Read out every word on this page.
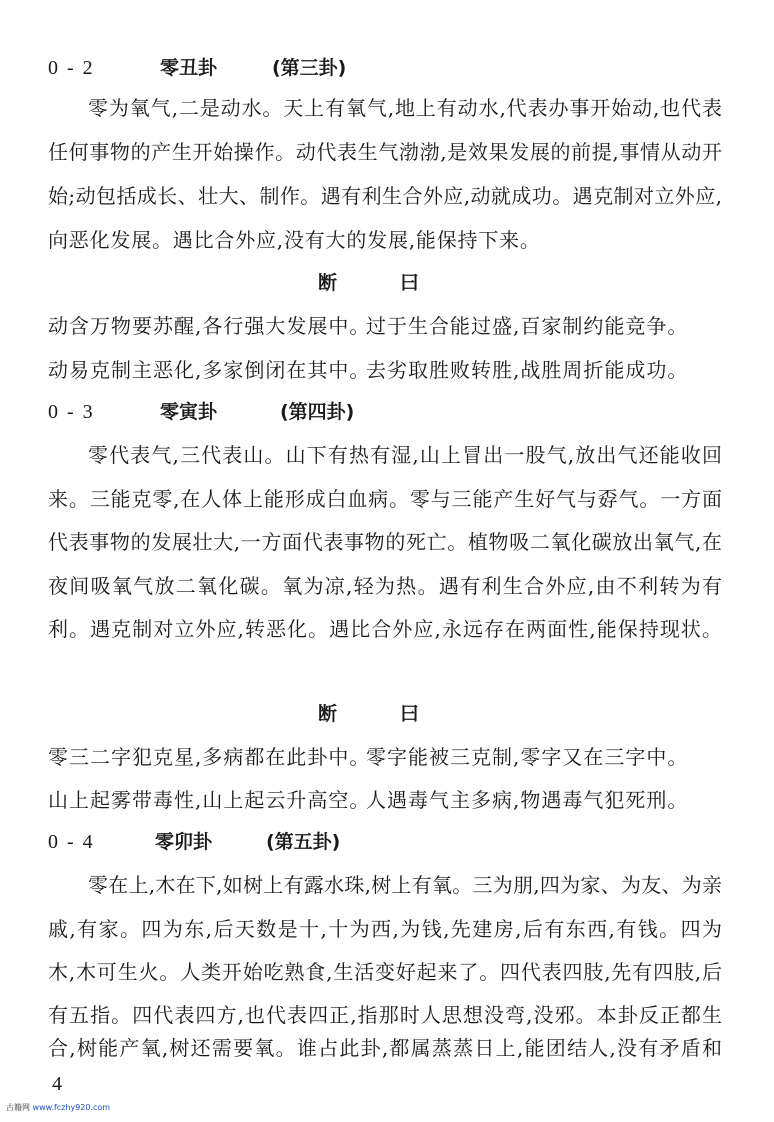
0 - 2	零丑卦	(第三卦)
零为氧气,二是动水。天上有氧气,地上有动水,代表办事开始动,也代表
任何事物的产生开始操作。动代表生气渤渤,是效果发展的前提,事情从动开
始;动包括成长、壮大、制作。遇有利生合外应,动就成功。遇克制对立外应,
向恶化发展。遇比合外应,没有大的发展,能保持下来。
断	曰
动含万物要苏醒,各行强大发展中。
过于生合能过盛,百家制约能竞争。
动易克制主恶化,多家倒闭在其中。
去劣取胜败转胜,战胜周折能成功。
0 - 3	零寅卦	(第四卦)
零代表气,三代表山。山下有热有湿,山上冒出一股气,放出气还能收回
来。三能克零,在人体上能形成白血病。零与三能产生好气与孬气。一方面
代表事物的发展壮大,一方面代表事物的死亡。植物吸二氧化碳放出氧气,在
夜间吸氧气放二氧化碳。氧为凉,轻为热。遇有利生合外应,由不利转为有
利。遇克制对立外应,转恶化。遇比合外应,永远存在两面性,能保持现状。
断	曰
零三二字犯克星,多病都在此卦中。
零字能被三克制,零字又在三字中。
山上起雾带毒性,山上起云升高空。
人遇毒气主多病,物遇毒气犯死刑。
0 - 4	零卯卦	(第五卦)
零在上,木在下,如树上有露水珠,树上有氧。三为朋,四为家、为友、为亲
戚,有家。四为东,后天数是十,十为西,为钱,先建房,后有东西,有钱。四为
木,木可生火。人类开始吃熟食,生活变好起来了。四代表四肢,先有四肢,后
有五指。四代表四方,也代表四正,指那时人思想没弯,没邪。本卦反正都生
合,树能产氧,树还需要氧。谁占此卦,都属蒸蒸日上,能团结人,没有矛盾和
4
古籍网 www.fczhy920.com
